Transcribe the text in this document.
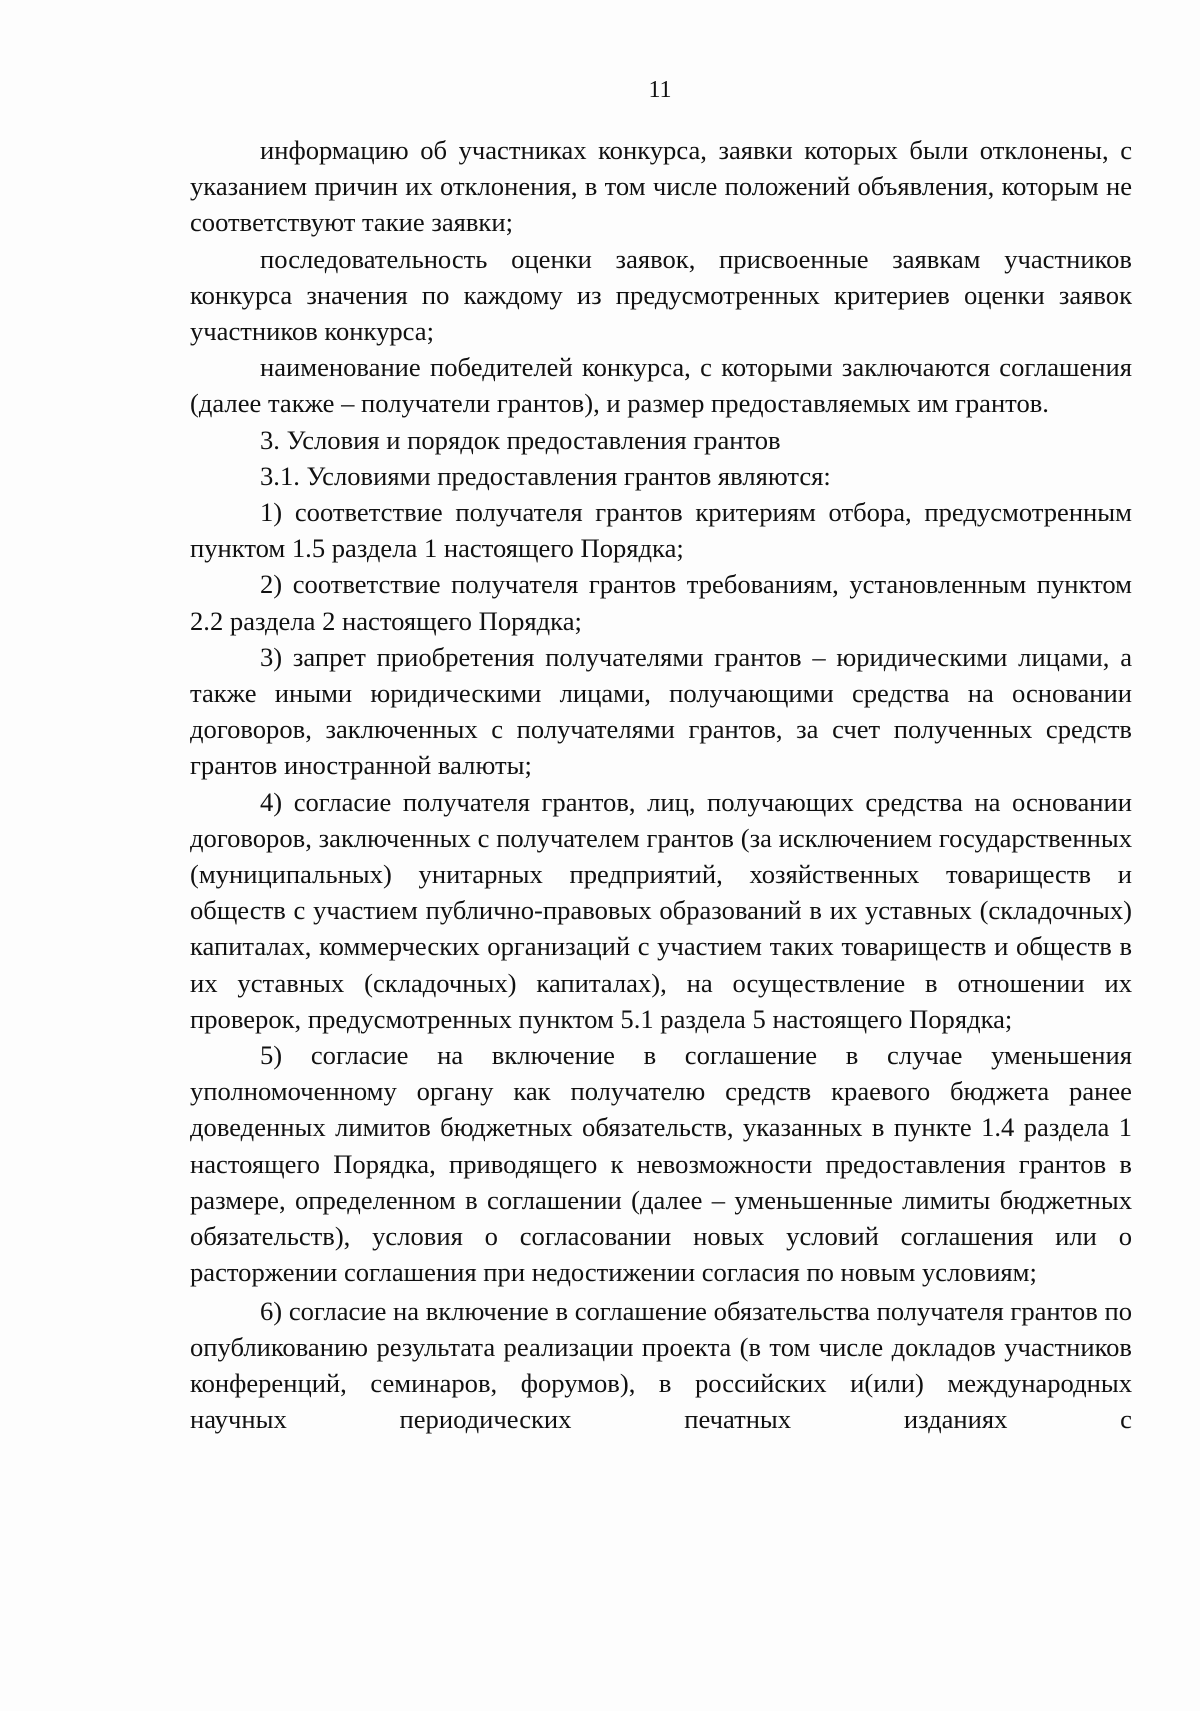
11

информацию об участниках конкурса, заявки которых были отклонены, с указанием причин их отклонения, в том числе положений объявления, которым не соответствуют такие заявки;

последовательность оценки заявок, присвоенные заявкам участников конкурса значения по каждому из предусмотренных критериев оценки заявок участников конкурса;

наименование победителей конкурса, с которыми заключаются соглашения (далее также – получатели грантов), и размер предоставляемых им грантов.

3. Условия и порядок предоставления грантов

3.1. Условиями предоставления грантов являются:

1) соответствие получателя грантов критериям отбора, предусмотренным пунктом 1.5 раздела 1 настоящего Порядка;

2) соответствие получателя грантов требованиям, установленным пунктом 2.2 раздела 2 настоящего Порядка;

3) запрет приобретения получателями грантов – юридическими лицами, а также иными юридическими лицами, получающими средства на основании договоров, заключенных с получателями грантов, за счет полученных средств грантов иностранной валюты;

4) согласие получателя грантов, лиц, получающих средства на основании договоров, заключенных с получателем грантов (за исключением государственных (муниципальных) унитарных предприятий, хозяйственных товариществ и обществ с участием публично-правовых образований в их уставных (складочных) капиталах, коммерческих организаций с участием таких товариществ и обществ в их уставных (складочных) капиталах), на осуществление в отношении их проверок, предусмотренных пунктом 5.1 раздела 5 настоящего Порядка;

5) согласие на включение в соглашение в случае уменьшения уполномоченному органу как получателю средств краевого бюджета ранее доведенных лимитов бюджетных обязательств, указанных в пункте 1.4 раздела 1 настоящего Порядка, приводящего к невозможности предоставления грантов в размере, определенном в соглашении (далее – уменьшенные лимиты бюджетных обязательств), условия о согласовании новых условий соглашения или о расторжении соглашения при недостижении согласия по новым условиям;

6) согласие на включение в соглашение обязательства получателя грантов по опубликованию результата реализации проекта (в том числе докладов участников конференций, семинаров, форумов), в российских и(или) международных научных периодических печатных изданиях с
